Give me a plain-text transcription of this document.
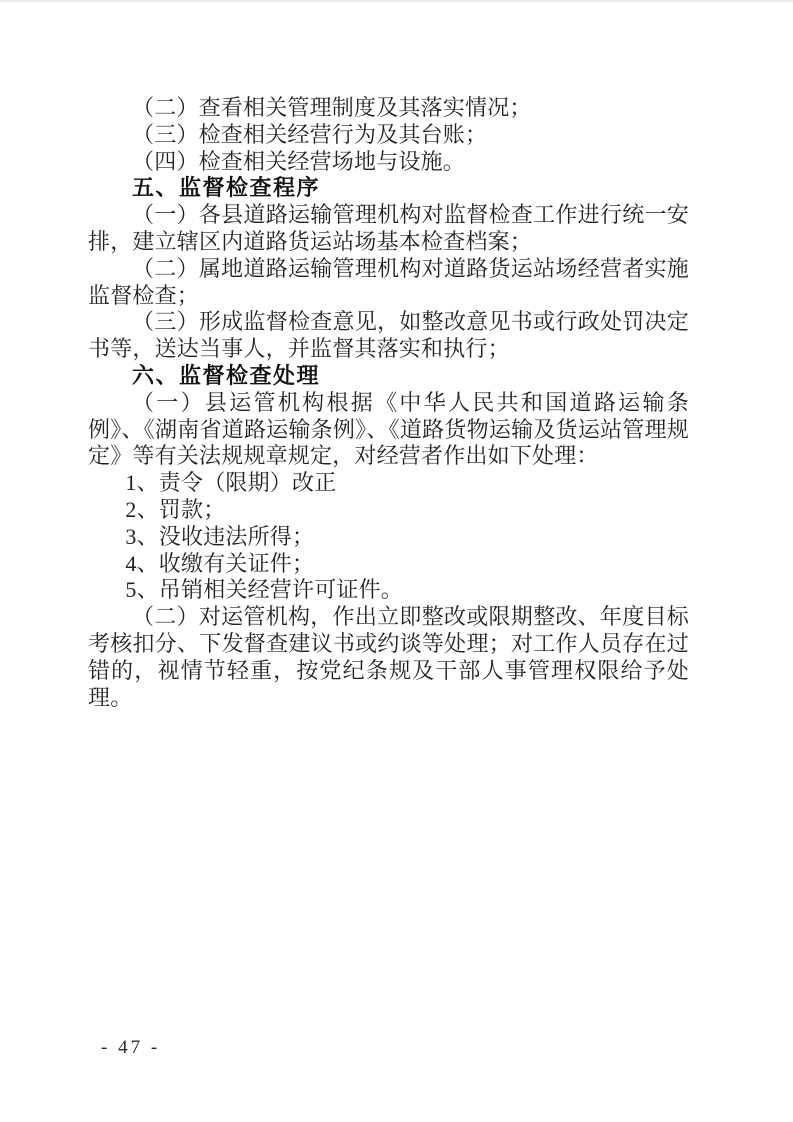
（二）查看相关管理制度及其落实情况；
（三）检查相关经营行为及其台账；
（四）检查相关经营场地与设施。
五、监督检查程序
（一）各县道路运输管理机构对监督检查工作进行统一安排，建立辖区内道路货运站场基本检查档案；
（二）属地道路运输管理机构对道路货运站场经营者实施监督检查；
（三）形成监督检查意见，如整改意见书或行政处罚决定书等，送达当事人，并监督其落实和执行；
六、监督检查处理
（一）县运管机构根据《中华人民共和国道路运输条例》、《湖南省道路运输条例》、《道路货物运输及货运站管理规定》等有关法规规章规定，对经营者作出如下处理：
1、责令（限期）改正
2、罚款；
3、没收违法所得；
4、收缴有关证件；
5、吊销相关经营许可证件。
（二）对运管机构，作出立即整改或限期整改、年度目标考核扣分、下发督查建议书或约谈等处理；对工作人员存在过错的，视情节轻重，按党纪条规及干部人事管理权限给予处理。
- 47 -
